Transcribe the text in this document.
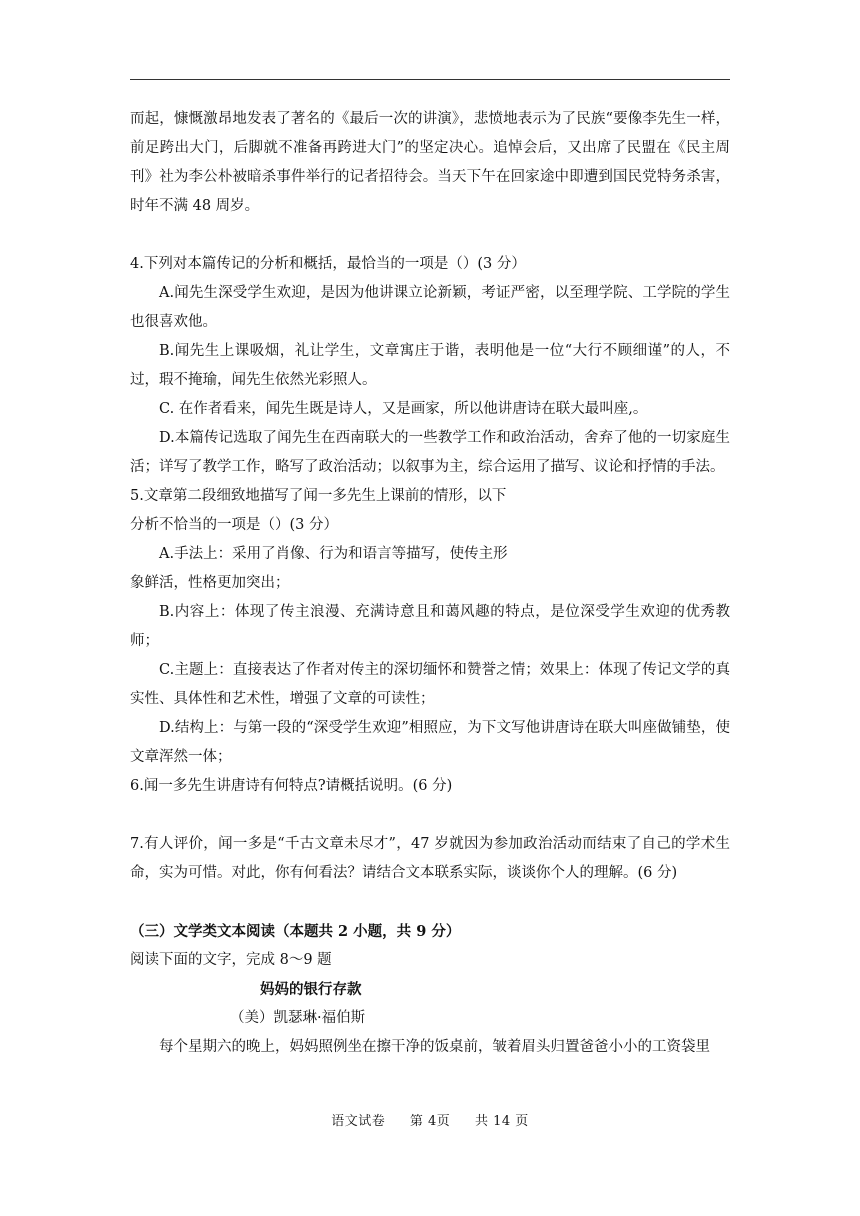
而起，慷慨激昂地发表了著名的《最后一次的讲演》，悲愤地表示为了民族“要像李先生一样，前足跨出大门，后脚就不准备再跨进大门”的坚定决心。追悼会后，又出席了民盟在《民主周刊》社为李公朴被暗杀事件举行的记者招待会。当天下午在回家途中即遭到国民党特务杀害，时年不满 48 周岁。

4.下列对本篇传记的分析和概括，最恰当的一项是（）(3 分）

A.闻先生深受学生欢迎，是因为他讲课立论新颖，考证严密，以至理学院、工学院的学生也很喜欢他。

B.闻先生上课吸烟，礼让学生，文章寓庄于谐，表明他是一位“大行不顾细谨”的人，不过，瑕不掩瑜，闻先生依然光彩照人。

C. 在作者看来，闻先生既是诗人，又是画家，所以他讲唐诗在联大最叫座,。

D.本篇传记选取了闻先生在西南联大的一些教学工作和政治活动，舍弃了他的一切家庭生活；详写了教学工作，略写了政治活动；以叙事为主，综合运用了描写、议论和抒情的手法。

5.文章第二段细致地描写了闻一多先生上课前的情形，以下

分析不恰当的一项是（）(3 分）

A.手法上：采用了肖像、行为和语言等描写，使传主形

象鲜活，性格更加突出；

B.内容上：体现了传主浪漫、充满诗意且和蔼风趣的特点，是位深受学生欢迎的优秀教师；

C.主题上：直接表达了作者对传主的深切缅怀和赞誉之情；效果上：体现了传记文学的真实性、具体性和艺术性，增强了文章的可读性；

D.结构上：与第一段的“深受学生欢迎”相照应，为下文写他讲唐诗在联大叫座做铺垫，使文章浑然一体；

6.闻一多先生讲唐诗有何特点?请概括说明。(6 分)

7.有人评价，闻一多是“千古文章未尽才”，47 岁就因为参加政治活动而结束了自己的学术生命，实为可惜。对此，你有何看法？请结合文本联系实际，谈谈你个人的理解。(6 分)

（三）文学类文本阅读（本题共 2 小题，共 9 分）

阅读下面的文字，完成 8～9 题

妈妈的银行存款

（美）凯瑟琳·福伯斯

每个星期六的晚上，妈妈照例坐在擦干净的饭桌前，皱着眉头归置爸爸小小的工资袋里

语文试卷 第 4页 共 14 页
